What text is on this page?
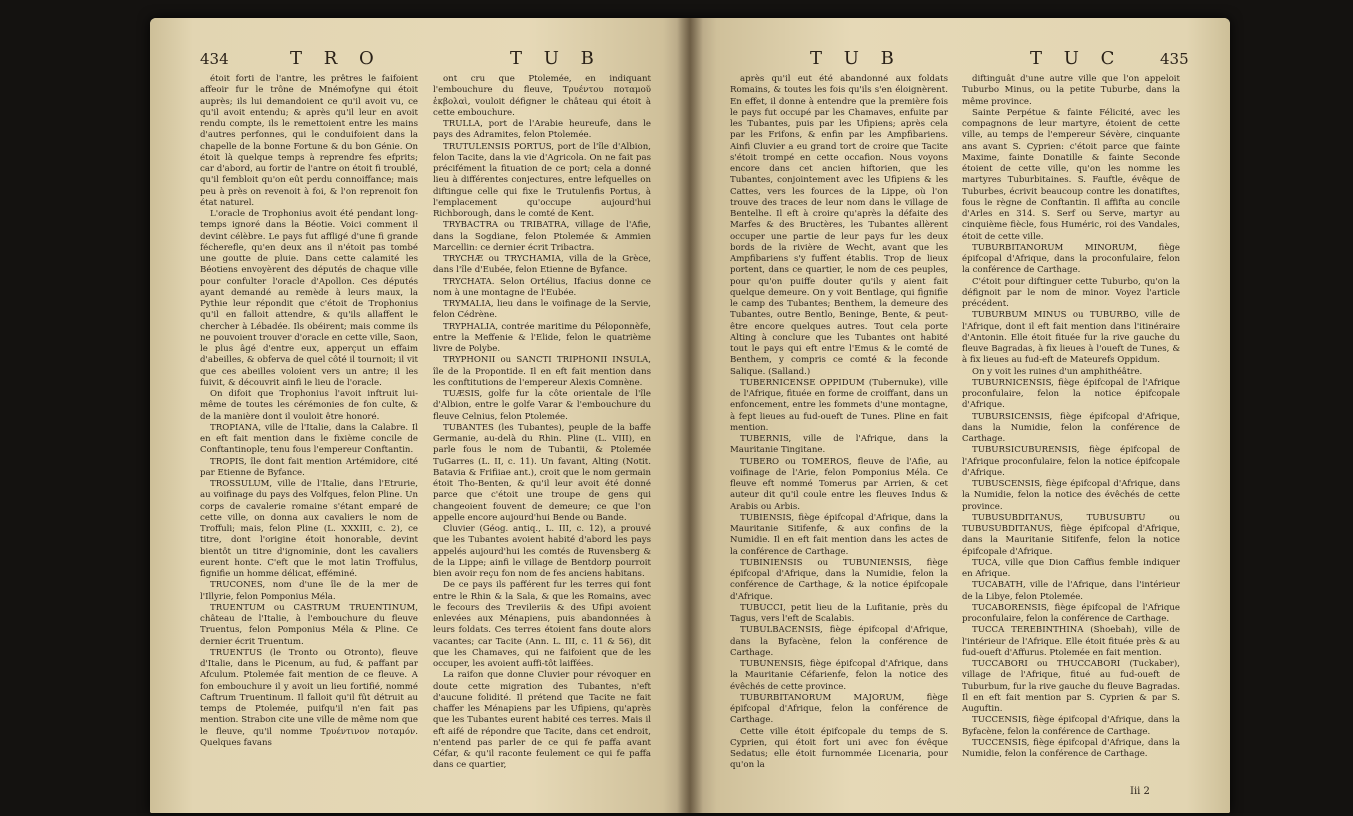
434	T R O	T U B

étoit forti de l'antre, les prêtres le faifoient affeoir fur le trône de Mnémofyne qui étoit auprès; ils lui demandoient ce qu'il avoit vu, ce qu'il avoit entendu; & après qu'il leur en avoit rendu compte, ils le remettoient entre les mains d'autres perfonnes, qui le conduifoient dans la chapelle de la bonne Fortune & du bon Génie. On étoit là quelque temps à reprendre fes efprits; car d'abord, au fortir de l'antre on étoit fi troublé, qu'il fembloit qu'on eût perdu connoiffance; mais peu à près on revenoit à foi, & l'on reprenoit fon état naturel.

L'oracle de Trophonius avoit été pendant long-temps ignoré dans la Béotie. Voici comment il devint célèbre. Le pays fut affligé d'une fi grande fécherefle, qu'en deux ans il n'étoit pas tombé une goutte de pluie. Dans cette calamité les Béotiens envoyèrent des députés de chaque ville pour confulter l'oracle d'Apollon. Ces députés ayant demandé au remède à leurs maux, la Pythie leur répondit que c'étoit de Trophonius qu'il en falloit attendre, & qu'ils allaffent le chercher à Lébadée. Ils obéirent; mais comme ils ne pouvoient trouver d'oracle en cette ville, Saon, le plus âgé d'entre eux, apperçut un effaim d'abeilles, & obferva de quel côté il tournoit; il vit que ces abeilles voloient vers un antre; il les fuivit, & découvrit ainfi le lieu de l'oracle.

On difoit que Trophonius l'avoit inftruit lui-même de toutes les cérémonies de fon culte, & de la manière dont il vouloit être honoré.

TROPIANA, ville de l'Italie, dans la Calabre. Il en eft fait mention dans le fixième concile de Conftantinople, tenu fous l'empereur Conftantin.

TROPIS, île dont fait mention Artémidore, cité par Etienne de Byfance.

TROSSULUM, ville de l'Italie, dans l'Etrurie, au voifinage du pays des Volfques, felon Pline. Un corps de cavalerie romaine s'étant emparé de cette ville, on donna aux cavaliers le nom de Troffuli; mais, felon Pline (L. XXXIII, c. 2), ce titre, dont l'origine étoit honorable, devint bientôt un titre d'ignominie, dont les cavaliers eurent honte. C'eft que le mot latin Troffulus, fignifie un homme délicat, efféminé.

TRUCONES, nom d'une île de la mer de l'Illyrie, felon Pomponius Méla.

TRUENTUM ou CASTRUM TRUENTINUM, château de l'Italie, à l'embouchure du fleuve Truentus, felon Pomponius Méla & Pline. Ce dernier écrit Truentum.

TRUENTUS (le Tronto ou Otronto), fleuve d'Italie, dans le Picenum, au fud, & paffant par Afculum. Ptolemée fait mention de ce fleuve. A fon embouchure il y avoit un lieu fortifié, nommé Caftrum Truentinum. Il falloit qu'il fût détruit au temps de Ptolemée, puifqu'il n'en fait pas mention. Strabon cite une ville de même nom que le fleuve, qu'il nomme Τρυέντινον ποταμόν. Quelques favans

ont cru que Ptolemée, en indiquant l'embouchure du fleuve, Τρυέντου ποταμοῦ ἐκβολαὶ, vouloit défigner le château qui étoit à cette embouchure.

TRULLA, port de l'Arabie heureufe, dans le pays des Adramites, felon Ptolemée.

TRUTULENSIS PORTUS, port de l'île d'Albion, felon Tacite, dans la vie d'Agricola. On ne fait pas précifément la fituation de ce port; cela a donné lieu à différentes conjectures, entre lefquelles on diftingue celle qui fixe le Trutulenfis Portus, à l'emplacement qu'occupe aujourd'hui Richborough, dans le comté de Kent.

TRYBACTRA ou TRIBATRA, village de l'Afie, dans la Sogdiane, felon Ptolemée & Ammien Marcellin: ce dernier écrit Tribactra.

TRYCHÆ ou TRYCHAMIA, villa de la Grèce, dans l'île d'Eubée, felon Etienne de Byfance.

TRYCHATA. Selon Ortélius, Ifacius donne ce nom à une montagne de l'Eubée.

TRYMALIA, lieu dans le voifinage de la Servie, felon Cédrène.

TRYPHALIA, contrée maritime du Péloponnèfe, entre la Meffenie & l'Elide, felon le quatrième livre de Polybe.

TRYPHONII ou SANCTI TRIPHONII INSULA, île de la Propontide. Il en eft fait mention dans les conftitutions de l'empereur Alexis Comnène.

TUÆSIS, golfe fur la côte orientale de l'île d'Albion, entre le golfe Varar & l'embouchure du fleuve Celnius, felon Ptolemée.

TUBANTES (les Tubantes), peuple de la baffe Germanie, au-delà du Rhin. Pline (L. VIII), en parle fous le nom de Tubantii, & Ptolemée TuGarres (L. II, c. 11). Un favant, Alting (Notit. Batavia & Frifiiae ant.), croit que le nom germain étoit Tho-Benten, & qu'il leur avoit été donné parce que c'étoit une troupe de gens qui changeoient fouvent de demeure; ce que l'on appelle encore aujourd'hui Bende ou Bande.

Cluvier (Géog. antiq., L. III, c. 12), a prouvé que les Tubantes avoient habité d'abord les pays appelés aujourd'hui les comtés de Ruvensberg & de la Lippe; ainfi le village de Bentdorp pourroit bien avoir reçu fon nom de fes anciens habitans.

De ce pays ils pafférent fur les terres qui font entre le Rhin & la Sala, & que les Romains, avec le fecours des Trevileriis & des Ufipi avoient enlevées aux Ménapiens, puis abandonnées à leurs foldats. Ces terres étoient fans doute alors vacantes; car Tacite (Ann. L. III, c. 11 & 56), dit que les Chamaves, qui ne faifoient que de les occuper, les avoient auffi-tôt laiffées.

La raifon que donne Cluvier pour révoquer en doute cette migration des Tubantes, n'eft d'aucune folidité. Il prétend que Tacite ne fait chaffer les Ménapiens par les Ufipiens, qu'après que les Tubantes eurent habité ces terres. Mais il eft aifé de répondre que Tacite, dans cet endroit, n'entend pas parler de ce qui fe paffa avant Céfar, & qu'il raconte feulement ce qui fe paffa dans ce quartier,

T U B	T U C	435

après qu'il eut été abandonné aux foldats Romains, & toutes les fois qu'ils s'en éloignèrent. En effet, il donne à entendre que la première fois le pays fut occupé par les Chamaves, enfuite par les Tubantes, puis par les Ufipiens; après cela par les Frifons, & enfin par les Ampfibariens. Ainfi Cluvier a eu grand tort de croire que Tacite s'étoit trompé en cette occafion. Nous voyons encore dans cet ancien hiftorien, que les Tubantes, conjointement avec les Ufipiens & les Cattes, vers les fources de la Lippe, où l'on trouve des traces de leur nom dans le village de Bentelhe. Il eft à croire qu'après la défaite des Marfes & des Bructères, les Tubantes allèrent occuper une partie de leur pays fur les deux bords de la rivière de Wecht, avant que les Ampfibariens s'y fuffent établis. Trop de lieux portent, dans ce quartier, le nom de ces peuples, pour qu'on puiffe douter qu'ils y aient fait quelque demeure. On y voit Bentlage, qui fignifie le camp des Tubantes; Benthem, la demeure des Tubantes, outre Bentlo, Beninge, Bente, & peut-être encore quelques autres. Tout cela porte Alting à conclure que les Tubantes ont habité tout le pays qui eft entre l'Emus & le comté de Benthem, y compris ce comté & la feconde Salique. (Salland.)

TUBERNICENSE OPPIDUM (Tubernuke), ville de l'Afrique, fituée en forme de croiffant, dans un enfoncement, entre les fommets d'une montagne, à fept lieues au fud-oueft de Tunes. Pline en fait mention.

TUBERNIS, ville de l'Afrique, dans la Mauritanie Tingitane.

TUBERO ou TOMEROS, fleuve de l'Afie, au voifinage de l'Arie, felon Pomponius Méla. Ce fleuve eft nommé Tomerus par Arrien, & cet auteur dit qu'il coule entre les fleuves Indus & Arabis ou Arbis.

TUBIENSIS, fiège épifcopal d'Afrique, dans la Mauritanie Sitifenfe, & aux confins de la Numidie. Il en eft fait mention dans les actes de la conférence de Carthage.

TUBINIENSIS ou TUBUNIENSIS, fiège épifcopal d'Afrique, dans la Numidie, felon la conférence de Carthage, & la notice épifcopale d'Afrique.

TUBUCCI, petit lieu de la Lufitanie, près du Tagus, vers l'eft de Scalabis.

TUBULBACENSIS, fiège épifcopal d'Afrique, dans la Byfacène, felon la conférence de Carthage.

TUBUNENSIS, fiège épifcopal d'Afrique, dans la Mauritanie Céfarienfe, felon la notice des évêchés de cette province.

TUBURBITANORUM MAJORUM, fiège épifcopal d'Afrique, felon la conférence de Carthage.

Cette ville étoit épifcopale du temps de S. Cyprien, qui étoit fort uni avec fon évêque Sedatus; elle étoit furnommée Licenaria, pour qu'on la

diftinguât d'une autre ville que l'on appeloit Tuburbo Minus, ou la petite Tuburbe, dans la même province.

Sainte Perpétue & fainte Félicité, avec les compagnons de leur martyre, étoient de cette ville, au temps de l'empereur Sévère, cinquante ans avant S. Cyprien: c'étoit parce que fainte Maxime, fainte Donatille & fainte Seconde étoient de cette ville, qu'on les nomme les martyres Tuburbitaines. S. Fauftle, évêque de Tuburbes, écrivit beaucoup contre les donatiftes, fous le règne de Conftantin. Il affifta au concile d'Arles en 314. S. Serf ou Serve, martyr au cinquième fiècle, fous Huméric, roi des Vandales, étoit de cette ville.

TUBURBITANORUM MINORUM, fiège épifcopal d'Afrique, dans la proconfulaire, felon la conférence de Carthage.

C'étoit pour diftinguer cette Tuburbo, qu'on la défignoit par le nom de minor. Voyez l'article précédent.

TUBURBUM MINUS ou TUBURBO, ville de l'Afrique, dont il eft fait mention dans l'itinéraire d'Antonin. Elle étoit fituée fur la rive gauche du fleuve Bagradas, à fix lieues à l'oueft de Tunes, & à fix lieues au fud-eft de Mateurefs Oppidum.

On y voit les ruines d'un amphithéâtre.

TUBURNICENSIS, fiège épifcopal de l'Afrique proconfulaire, felon la notice épifcopale d'Afrique.

TUBURSICENSIS, fiège épifcopal d'Afrique, dans la Numidie, felon la conférence de Carthage.

TUBURSICUBURENSIS, fiège épifcopal de l'Afrique proconfulaire, felon la notice épifcopale d'Afrique.

TUBUSCENSIS, fiège épifcopal d'Afrique, dans la Numidie, felon la notice des évêchés de cette province.

TUBUSUBDITANUS, TUBUSUBTU ou TUBUSUBDITANUS, fiège épifcopal d'Afrique, dans la Mauritanie Sitifenfe, felon la notice épifcopale d'Afrique.

TUCA, ville que Dion Caffius femble indiquer en Afrique.

TUCABATH, ville de l'Afrique, dans l'intérieur de la Libye, felon Ptolemée.

TUCABORENSIS, fiège épifcopal de l'Afrique proconfulaire, felon la conférence de Carthage.

TUCCA TEREBINTHINA (Shoebah), ville de l'intérieur de l'Afrique. Elle étoit fituée près & au fud-oueft d'Affurus. Ptolemée en fait mention.

TUCCABORI ou THUCCABORI (Tuckaber), village de l'Afrique, fitué au fud-oueft de Tuburbum, fur la rive gauche du fleuve Bagradas. Il en eft fait mention par S. Cyprien & par S. Auguftin.

TUCCENSIS, fiège épifcopal d'Afrique, dans la Byfacène, felon la conférence de Carthage.

TUCCENSIS, fiège épifcopal d'Afrique, dans la Numidie, felon la conférence de Carthage.

Iii 2
